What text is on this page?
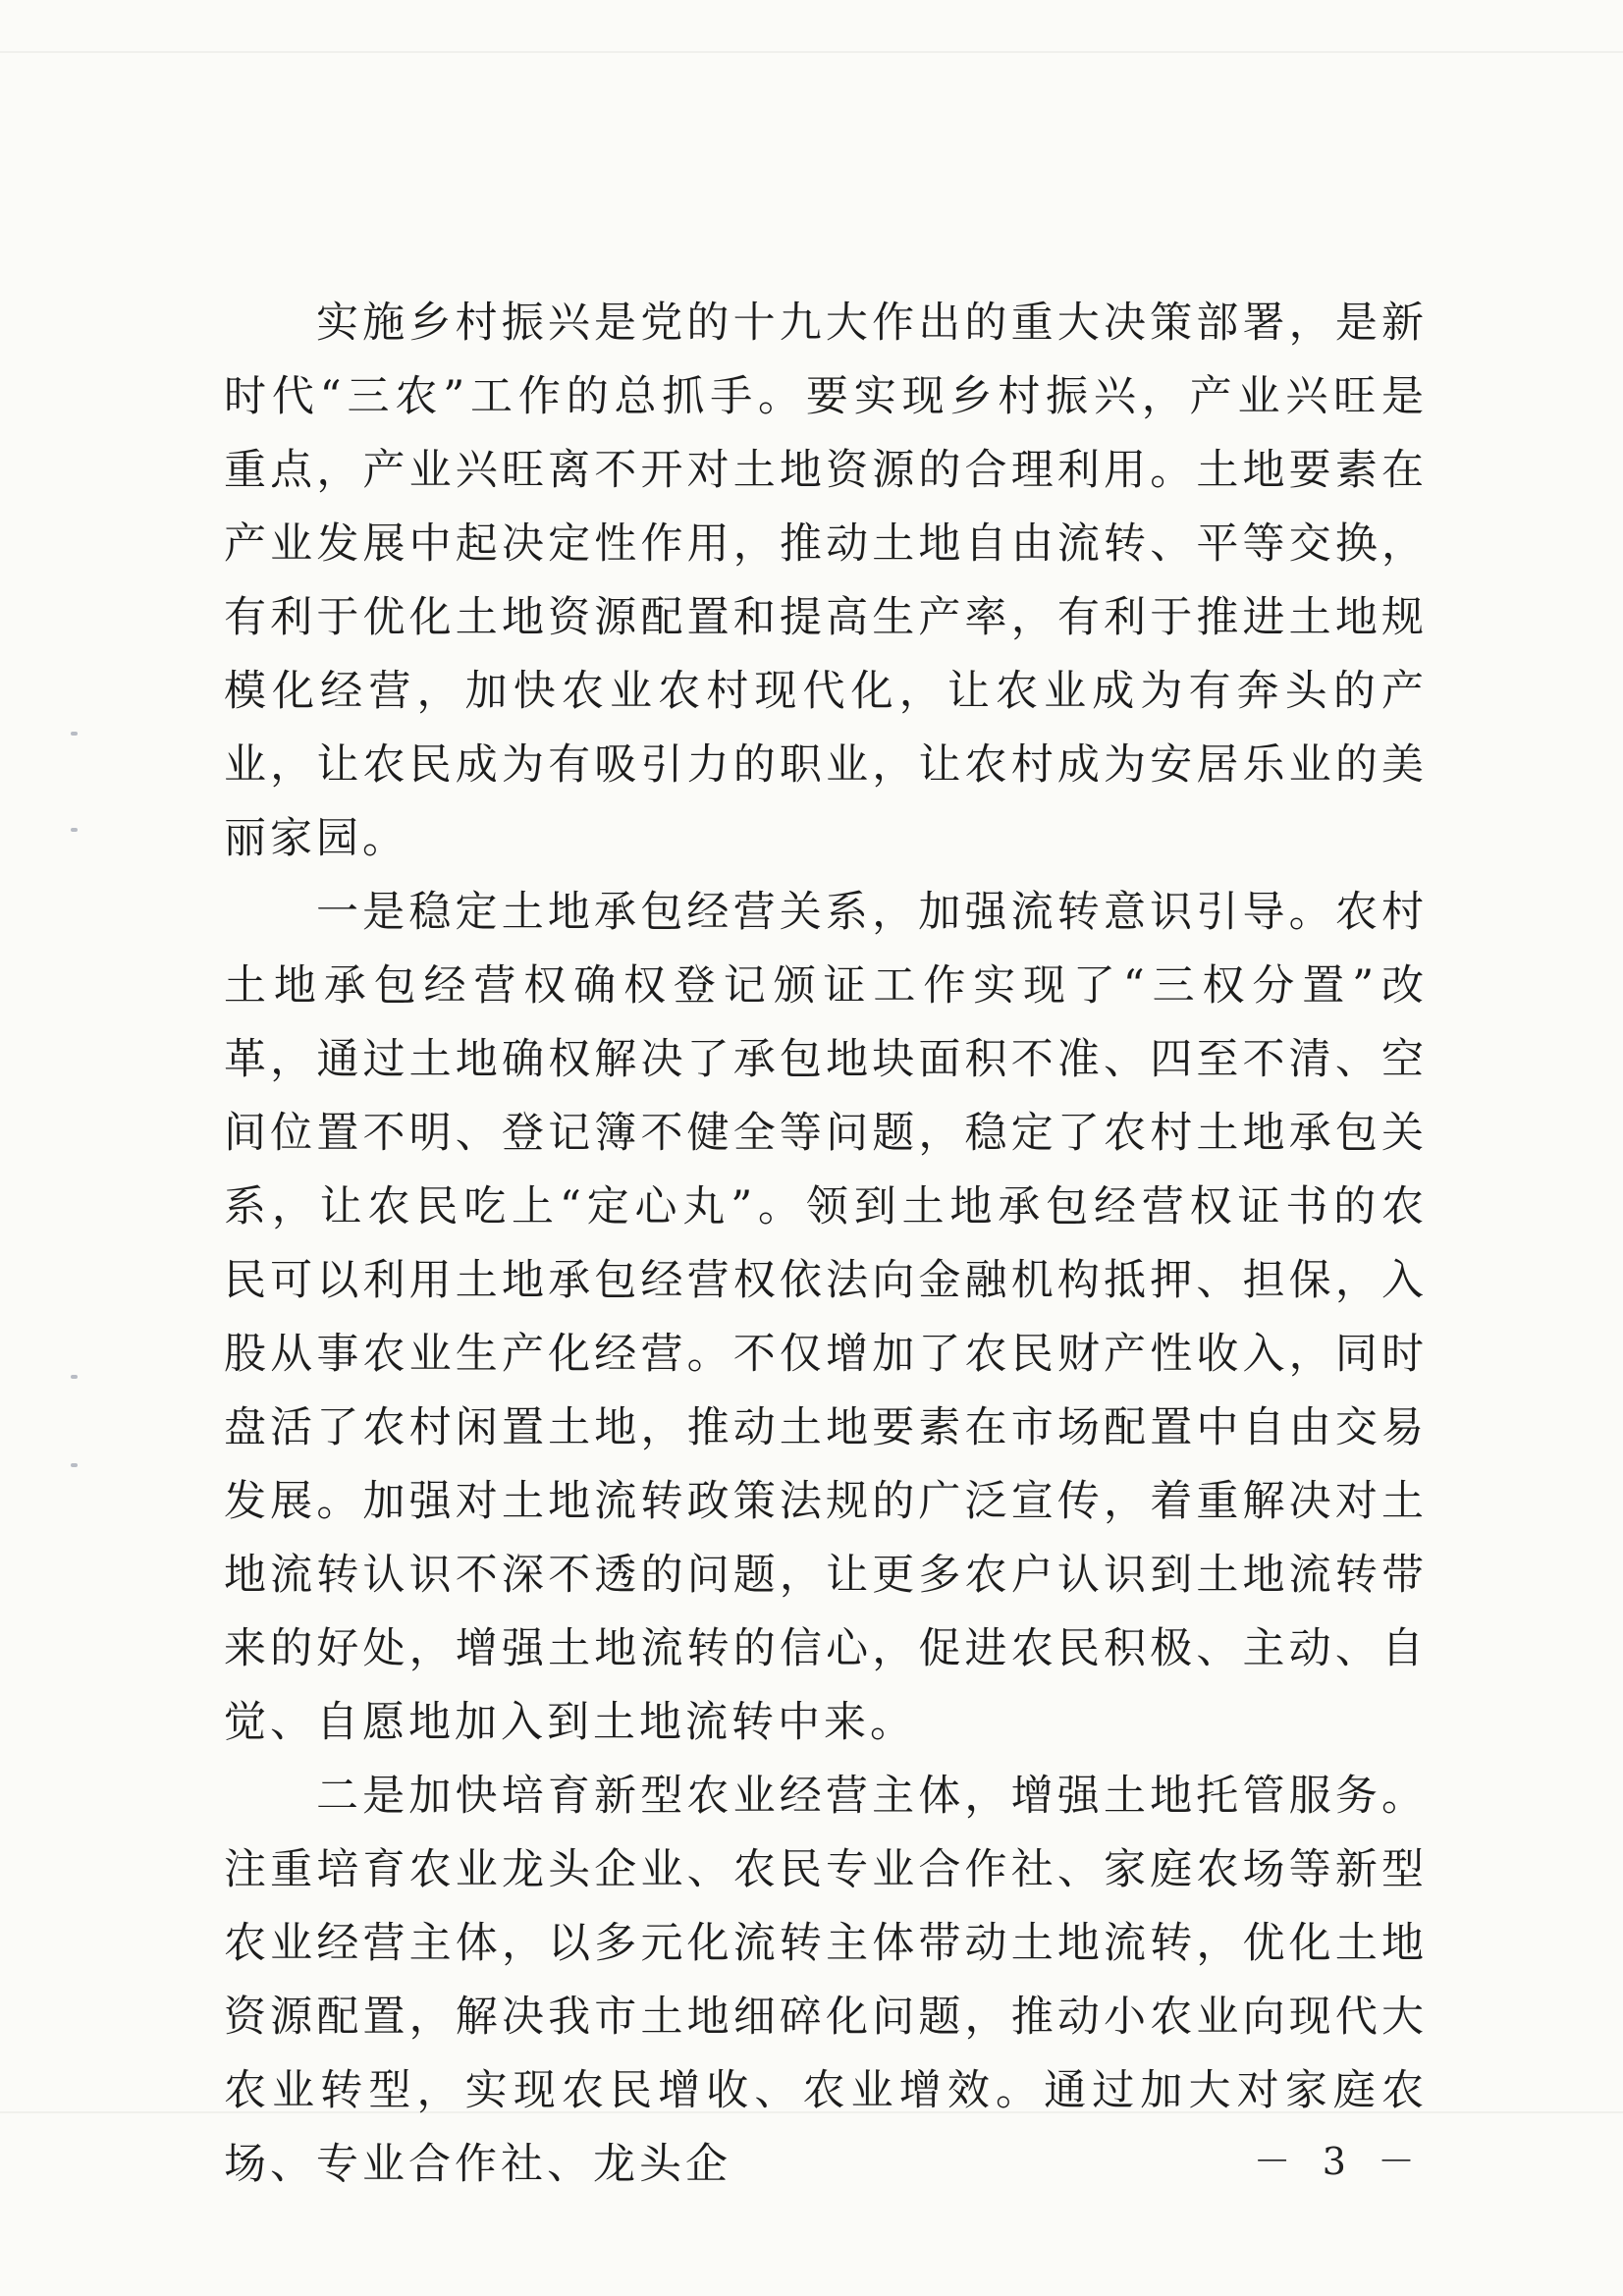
实施乡村振兴是党的十九大作出的重大决策部署，是新时代“三农”工作的总抓手。要实现乡村振兴，产业兴旺是重点，产业兴旺离不开对土地资源的合理利用。土地要素在产业发展中起决定性作用，推动土地自由流转、平等交换，有利于优化土地资源配置和提高生产率，有利于推进土地规模化经营，加快农业农村现代化，让农业成为有奔头的产业，让农民成为有吸引力的职业，让农村成为安居乐业的美丽家园。

一是稳定土地承包经营关系，加强流转意识引导。农村土地承包经营权确权登记颁证工作实现了“三权分置”改革，通过土地确权解决了承包地块面积不准、四至不清、空间位置不明、登记簿不健全等问题，稳定了农村土地承包关系，让农民吃上“定心丸”。领到土地承包经营权证书的农民可以利用土地承包经营权依法向金融机构抵押、担保，入股从事农业生产化经营。不仅增加了农民财产性收入，同时盘活了农村闲置土地，推动土地要素在市场配置中自由交易发展。加强对土地流转政策法规的广泛宣传，着重解决对土地流转认识不深不透的问题，让更多农户认识到土地流转带来的好处，增强土地流转的信心，促进农民积极、主动、自觉、自愿地加入到土地流转中来。

二是加快培育新型农业经营主体，增强土地托管服务。注重培育农业龙头企业、农民专业合作社、家庭农场等新型农业经营主体，以多元化流转主体带动土地流转，优化土地资源配置，解决我市土地细碎化问题，推动小农业向现代大农业转型，实现农民增收、农业增效。通过加大对家庭农场、专业合作社、龙头企	－ 3 －
